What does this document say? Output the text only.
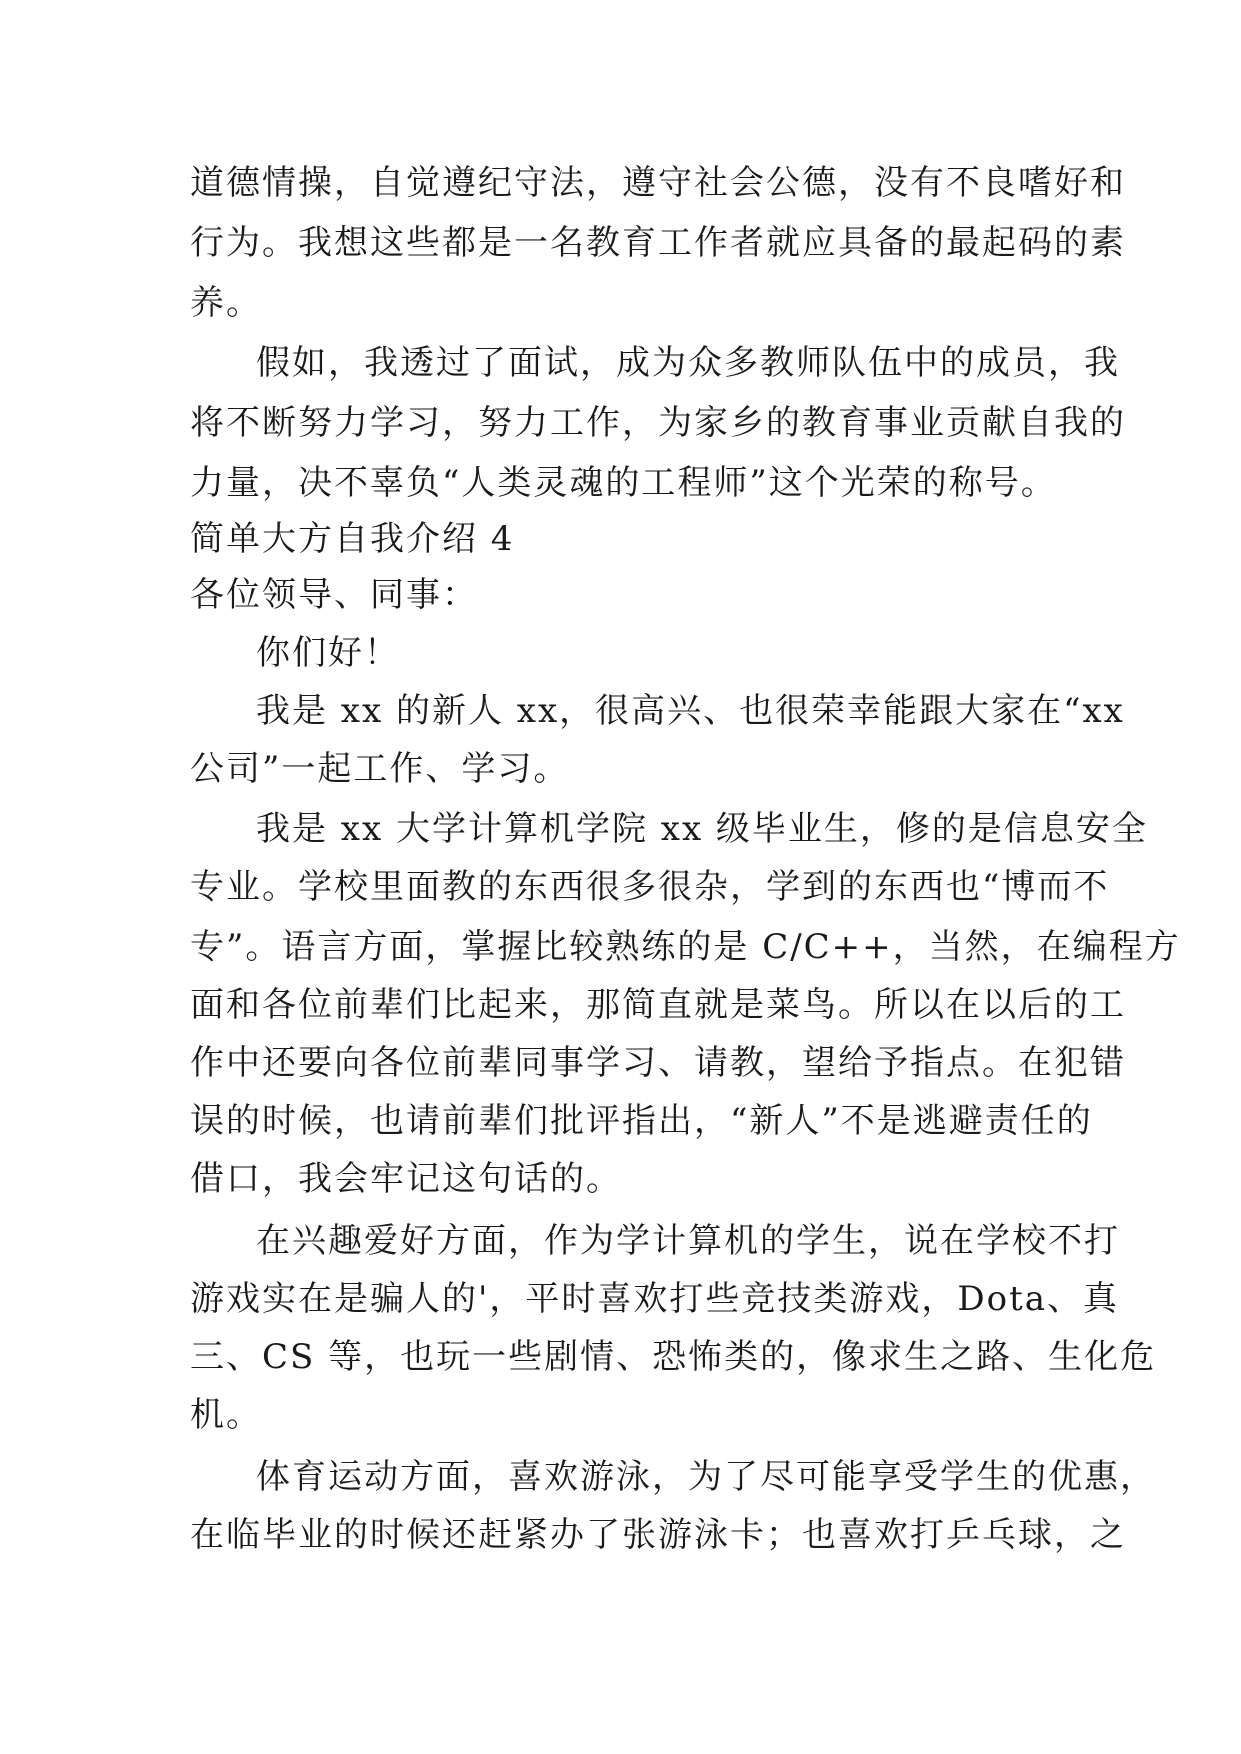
道德情操，自觉遵纪守法，遵守社会公德，没有不良嗜好和
行为。我想这些都是一名教育工作者就应具备的最起码的素
养。
假如，我透过了面试，成为众多教师队伍中的成员，我
将不断努力学习，努力工作，为家乡的教育事业贡献自我的
力量，决不辜负“人类灵魂的工程师”这个光荣的称号。
简单大方自我介绍 4
各位领导、同事：
你们好！
我是 xx 的新人 xx，很高兴、也很荣幸能跟大家在“xx
公司”一起工作、学习。
我是 xx 大学计算机学院 xx 级毕业生，修的是信息安全
专业。学校里面教的东西很多很杂，学到的东西也“博而不
专”。语言方面，掌握比较熟练的是 C/C++，当然，在编程方
面和各位前辈们比起来，那简直就是菜鸟。所以在以后的工
作中还要向各位前辈同事学习、请教，望给予指点。在犯错
误的时候，也请前辈们批评指出，“新人”不是逃避责任的
借口，我会牢记这句话的。
在兴趣爱好方面，作为学计算机的学生，说在学校不打
游戏实在是骗人的'，平时喜欢打些竞技类游戏，Dota、真
三、CS 等，也玩一些剧情、恐怖类的，像求生之路、生化危
机。
体育运动方面，喜欢游泳，为了尽可能享受学生的优惠，
在临毕业的时候还赶紧办了张游泳卡；也喜欢打乒乓球，之
